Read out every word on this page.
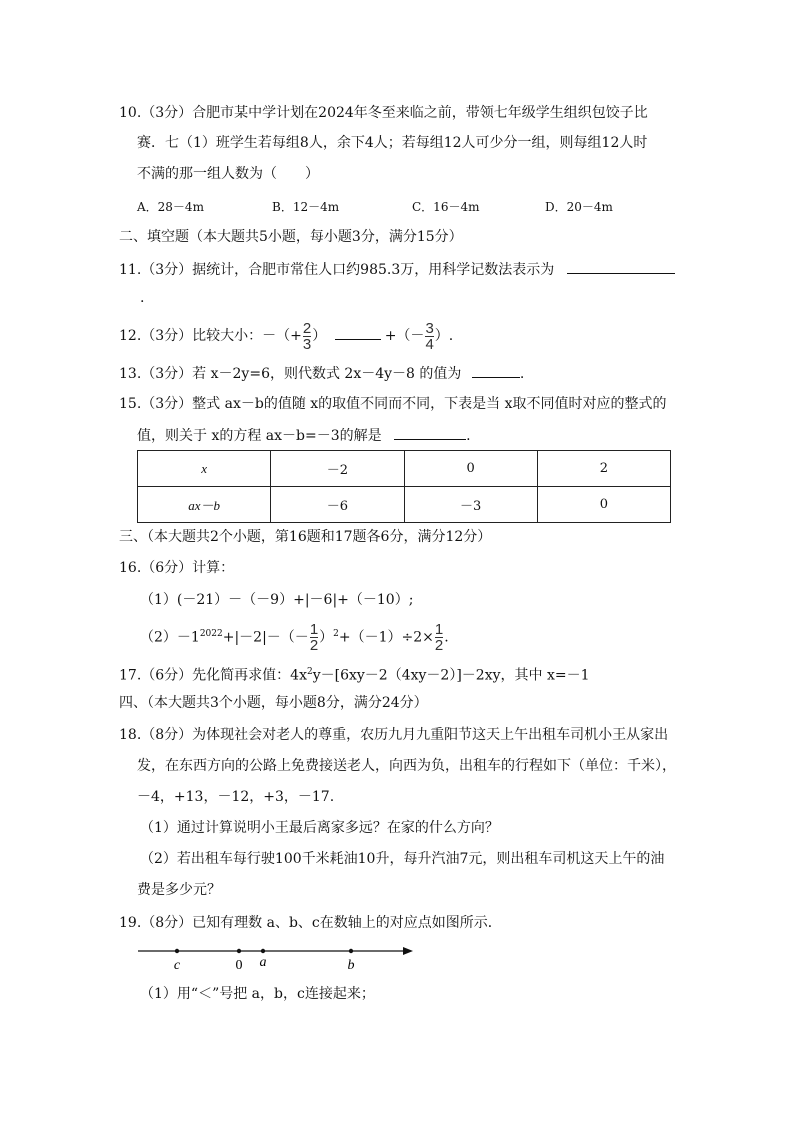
10.（3分）合肥市某中学计划在2024年冬至来临之前，带领七年级学生组织包饺子比
赛．七（1）班学生若每组8人，余下4人；若每组12人可少分一组，则每组12人时
不满的那一组人数为（　　）
A．28－4m	B．12－4m	C．16－4m	D．20－4m
二、填空题（本大题共5小题，每小题3分，满分15分）
11.（3分）据统计，合肥市常住人口约985.3万，用科学记数法表示为
.
12.（3分）比较大小：－（+ $\frac{2}{3}$ ）	+（－ $\frac{3}{4}$ ）.
13.（3分）若 x－2y=6，则代数式 2x－4y－8 的值为	.
15.（3分）整式 ax－b的值随 x的取值不同而不同，下表是当 x取不同值时对应的整式的
值，则关于 x的方程 ax－b=－3的解是	.
x	－2	0	2
ax－b	－6	－3	0
三、（本大题共2个小题，第16题和17题各6分，满分12分）
16.（6分）计算：
（1）(－21）－（－9）+|－6|+（－10）;
$(2)-1^{2022}+|-2|-(- \frac{1}{2} )^2+(-1)\div 2\times \frac{1}{2}$ .
17.（6分）先化简再求值：$4x^2y-[6xy-2(4xy-2)]-2xy$，其中 x=－1
四、（本大题共3个小题，每小题8分，满分24分）
18.（8分）为体现社会对老人的尊重，农历九月九重阳节这天上午出租车司机小王从家出
发，在东西方向的公路上免费接送老人，向西为负，出租车的行程如下（单位：千米），
－4，+13，－12，+3，－17.
（1）通过计算说明小王最后离家多远？在家的什么方向？
（2）若出租车每行驶100千米耗油10升，每升汽油7元，则出租车司机这天上午的油
费是多少元？
19.（8分）已知有理数 a、b、c在数轴上的对应点如图所示．
c	0 a	b
（1）用“＜”号把 a，b，c连接起来；
